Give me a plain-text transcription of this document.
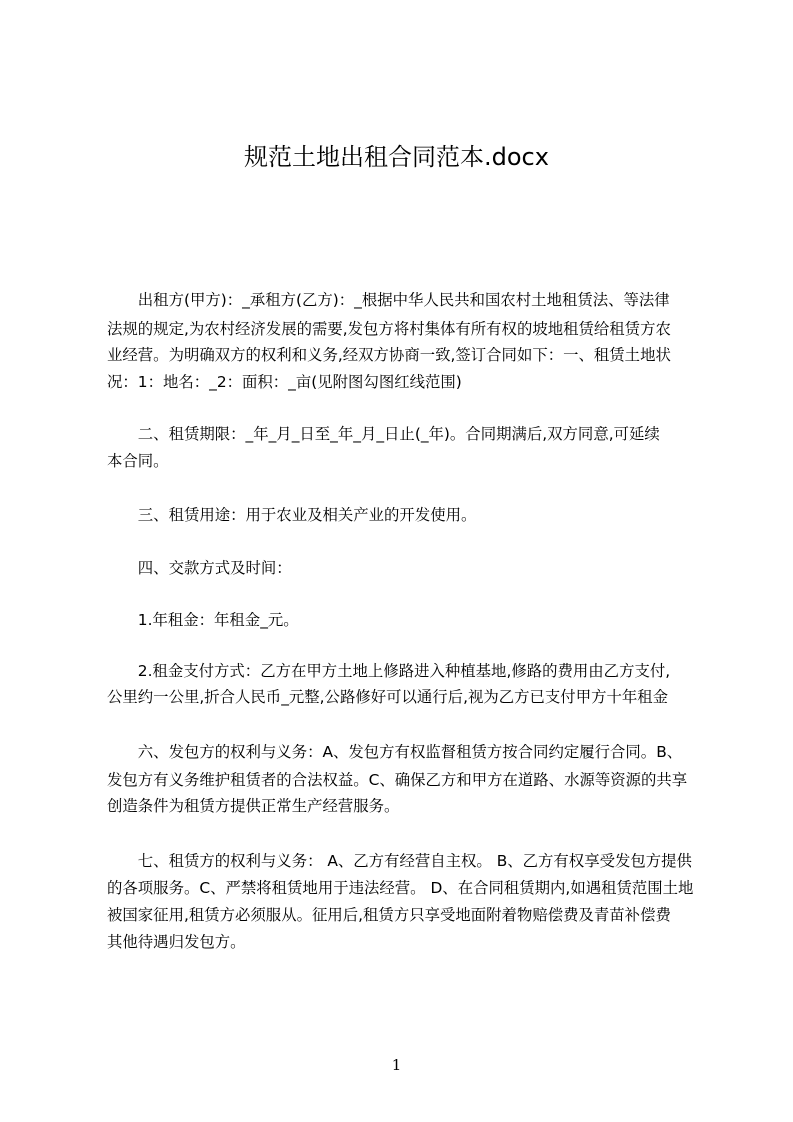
规范土地出租合同范本.docx
　　出租方(甲方)：_承租方(乙方)：_根据中华人民共和国农村土地租赁法、等法律
法规的规定,为农村经济发展的需要,发包方将村集体有所有权的坡地租赁给租赁方农
业经营。为明确双方的权利和义务,经双方协商一致,签订合同如下：一、租赁土地状
况：1：地名：_2：面积：_亩(见附图勾图红线范围)
　　二、租赁期限：_年_月_日至_年_月_日止(_年)。合同期满后,双方同意,可延续
本合同。
　　三、租赁用途：用于农业及相关产业的开发使用。
　　四、交款方式及时间：
　　1.年租金：年租金_元。
　　2.租金支付方式：乙方在甲方土地上修路进入种植基地,修路的费用由乙方支付,
公里约一公里,折合人民币_元整,公路修好可以通行后,视为乙方已支付甲方十年租金
　　六、发包方的权利与义务：A、发包方有权监督租赁方按合同约定履行合同。B、
发包方有义务维护租赁者的合法权益。C、确保乙方和甲方在道路、水源等资源的共享
创造条件为租赁方提供正常生产经营服务。
　　七、租赁方的权利与义务： A、乙方有经营自主权。 B、乙方有权享受发包方提供
的各项服务。C、严禁将租赁地用于违法经营。 D、在合同租赁期内,如遇租赁范围土地
被国家征用,租赁方必须服从。征用后,租赁方只享受地面附着物赔偿费及青苗补偿费
其他待遇归发包方。
1
